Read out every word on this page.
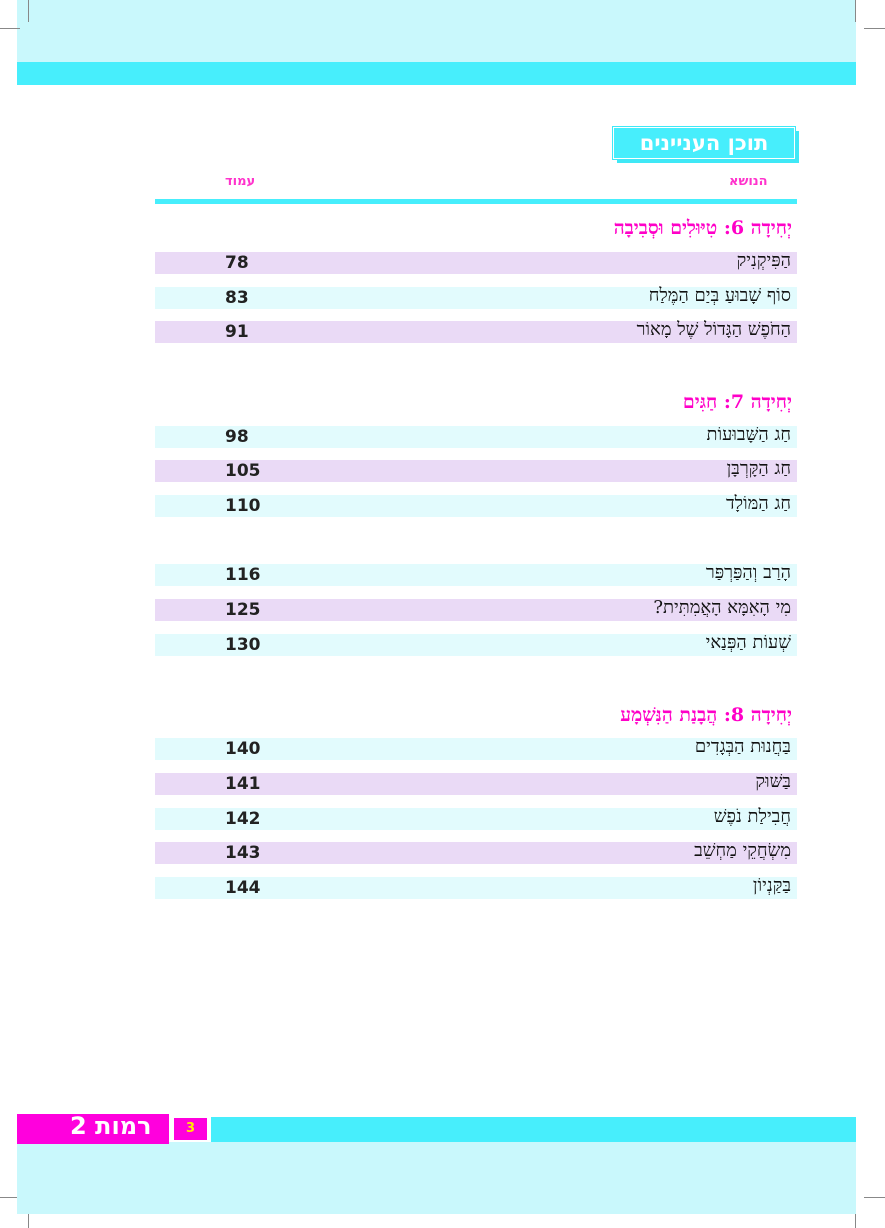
תוכן העניינים
הנושא
עמוד
יְחִידָה 6: טִיּוּלִים וּסְבִיבָה
הַפִּיקְנִיק
78
סוֹף שָׁבוּעַ בְּיַם הַמֶּלַח
83
הַחֹפֶשׁ הַגָּדוֹל שֶׁל מָאוֹר
91
יְחִידָה 7: חַגִּים
חַג הַשָּׁבוּעוֹת
98
חַג הַקָּרְבָּן
105
חַג הַמּוֹלָד
110
הָרַב וְהַפַּרְפַּר
116
מִי הָאִמָּא הָאֲמִתִּית?
125
שְׁעוֹת הַפְּנַאי
130
יְחִידָה 8: הֲבָנַת הַנִּשְׁמָע
בַּחֲנוּת הַבְּגָדִים
140
בַּשּׁוּק
141
חֲבִילַת נֹפֶשׁ
142
מִשְׂחֲקֵי מַחְשֵׁב
143
בַּקַּנְיוֹן
144
רמות 2	3
